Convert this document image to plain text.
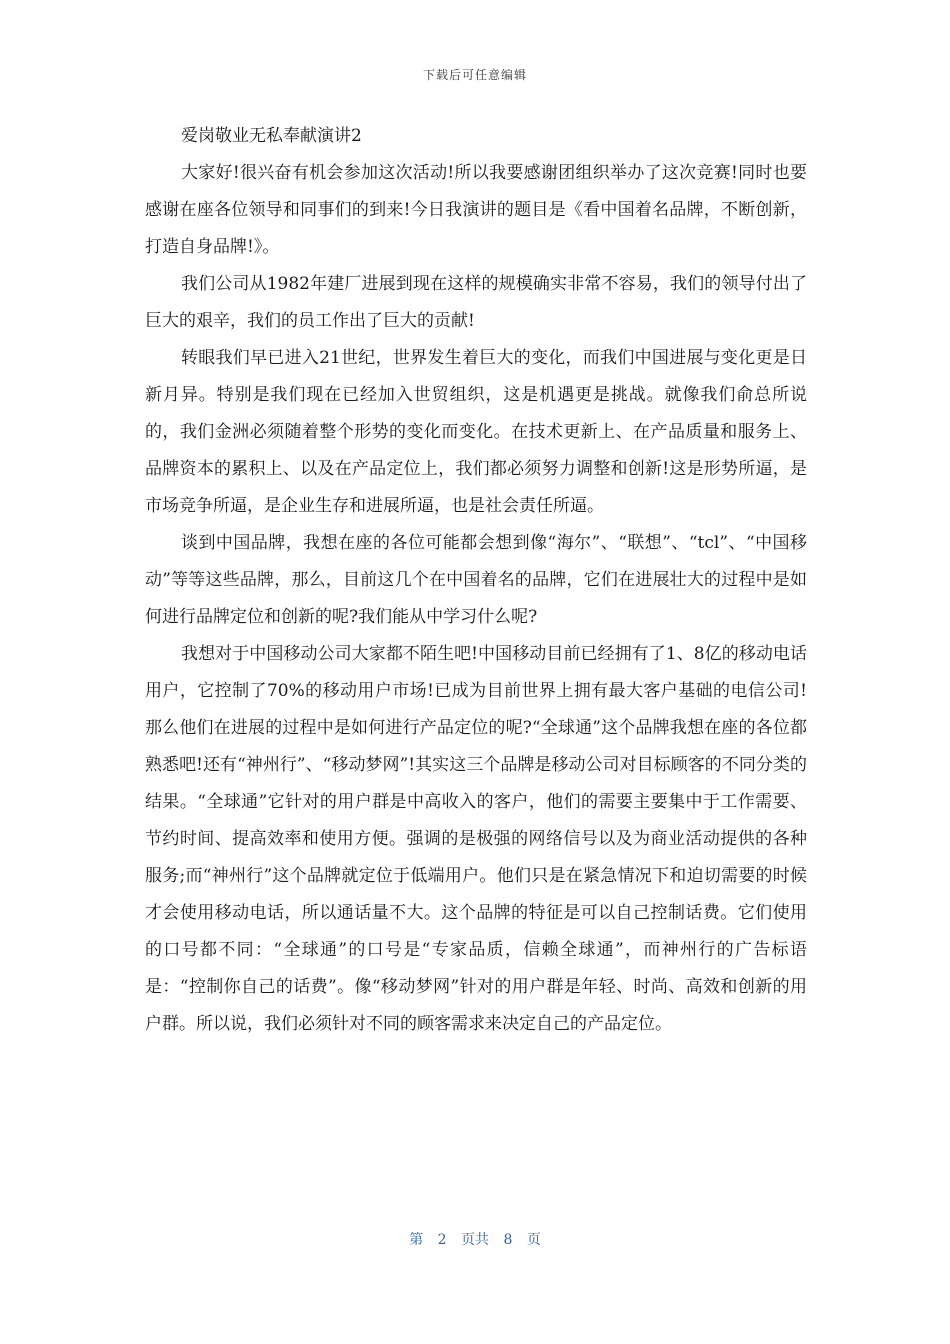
下载后可任意编辑
爱岗敬业无私奉献演讲2

大家好!很兴奋有机会参加这次活动!所以我要感谢团组织举办了这次竞赛!同时也要感谢在座各位领导和同事们的到来!今日我演讲的题目是《看中国着名品牌，不断创新，打造自身品牌!》。

我们公司从1982年建厂进展到现在这样的规模确实非常不容易，我们的领导付出了巨大的艰辛，我们的员工作出了巨大的贡献!

转眼我们早已进入21世纪，世界发生着巨大的变化，而我们中国进展与变化更是日新月异。特别是我们现在已经加入世贸组织，这是机遇更是挑战。就像我们俞总所说的，我们金洲必须随着整个形势的变化而变化。在技术更新上、在产品质量和服务上、品牌资本的累积上、以及在产品定位上，我们都必须努力调整和创新!这是形势所逼，是市场竞争所逼，是企业生存和进展所逼，也是社会责任所逼。

谈到中国品牌，我想在座的各位可能都会想到像“海尔”、“联想”、“tcl”、“中国移动”等等这些品牌，那么，目前这几个在中国着名的品牌，它们在进展壮大的过程中是如何进行品牌定位和创新的呢?我们能从中学习什么呢?

我想对于中国移动公司大家都不陌生吧!中国移动目前已经拥有了1、8亿的移动电话用户，它控制了70%的移动用户市场!已成为目前世界上拥有最大客户基础的电信公司!那么他们在进展的过程中是如何进行产品定位的呢?“全球通”这个品牌我想在座的各位都熟悉吧!还有“神州行”、“移动梦网”!其实这三个品牌是移动公司对目标顾客的不同分类的结果。“全球通”它针对的用户群是中高收入的客户，他们的需要主要集中于工作需要、节约时间、提高效率和使用方便。强调的是极强的网络信号以及为商业活动提供的各种服务;而“神州行”这个品牌就定位于低端用户。他们只是在紧急情况下和迫切需要的时候才会使用移动电话，所以通话量不大。这个品牌的特征是可以自己控制话费。它们使用的口号都不同：“全球通”的口号是“专家品质，信赖全球通”，而神州行的广告标语是：“控制你自己的话费”。像“移动梦网”针对的用户群是年轻、时尚、高效和创新的用户群。所以说，我们必须针对不同的顾客需求来决定自己的产品定位。

第 2 页共 8 页
